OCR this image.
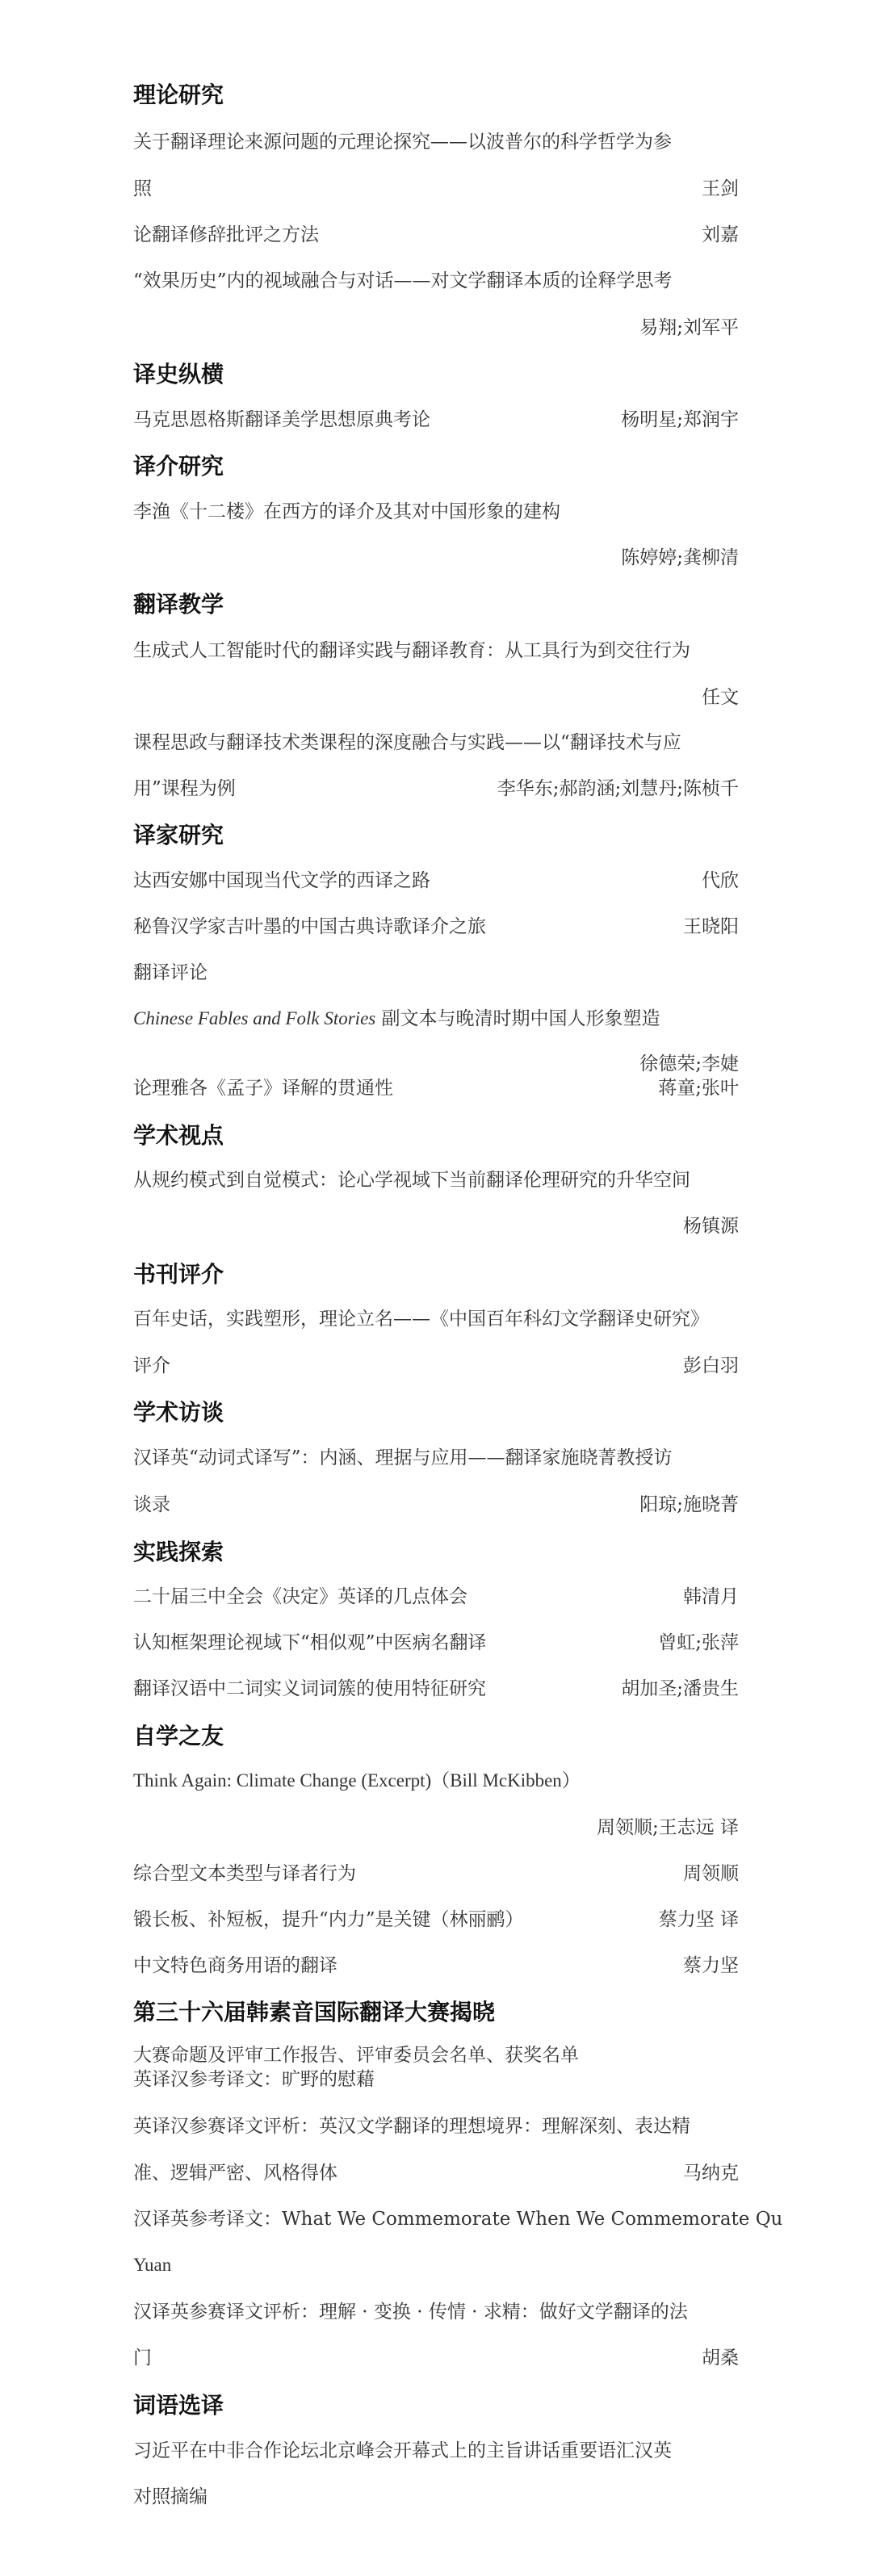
理论研究
关于翻译理论来源问题的元理论探究——以波普尔的科学哲学为参
照	王剑
论翻译修辞批评之方法	刘嘉
“效果历史”内的视域融合与对话——对文学翻译本质的诠释学思考
易翔;刘军平
译史纵横
马克思恩格斯翻译美学思想原典考论	杨明星;郑润宇
译介研究
李渔《十二楼》在西方的译介及其对中国形象的建构
陈婷婷;龚柳清
翻译教学
生成式人工智能时代的翻译实践与翻译教育：从工具行为到交往行为
任文
课程思政与翻译技术类课程的深度融合与实践——以“翻译技术与应
用”课程为例	李华东;郝韵涵;刘慧丹;陈桢千
译家研究
达西安娜中国现当代文学的西译之路	代欣
秘鲁汉学家吉叶墨的中国古典诗歌译介之旅	王晓阳
翻译评论
Chinese Fables and Folk Stories 副文本与晚清时期中国人形象塑造
徐德荣;李婕
论理雅各《孟子》译解的贯通性	蒋童;张叶
学术视点
从规约模式到自觉模式：论心学视域下当前翻译伦理研究的升华空间
杨镇源
书刊评介
百年史话，实践塑形，理论立名——《中国百年科幻文学翻译史研究》
评介	彭白羽
学术访谈
汉译英“动词式译写”：内涵、理据与应用——翻译家施晓菁教授访
谈录	阳琼;施晓菁
实践探索
二十届三中全会《决定》英译的几点体会	韩清月
认知框架理论视域下“相似观”中医病名翻译	曾虹;张萍
翻译汉语中二词实义词词簇的使用特征研究	胡加圣;潘贵生
自学之友
Think Again: Climate Change (Excerpt)（Bill McKibben）
周领顺;王志远 译
综合型文本类型与译者行为	周领顺
锻长板、补短板，提升“内力”是关键（林丽鹂）	蔡力坚 译
中文特色商务用语的翻译	蔡力坚
第三十六届韩素音国际翻译大赛揭晓
大赛命题及评审工作报告、评审委员会名单、获奖名单
英译汉参考译文：旷野的慰藉
英译汉参赛译文评析：英汉文学翻译的理想境界：理解深刻、表达精
准、逻辑严密、风格得体	马纳克
汉译英参考译文：What We Commemorate When We Commemorate Qu
Yuan
汉译英参赛译文评析：理解 · 变换 · 传情 · 求精：做好文学翻译的法
门	胡桑
词语选译
习近平在中非合作论坛北京峰会开幕式上的主旨讲话重要语汇汉英
对照摘编
